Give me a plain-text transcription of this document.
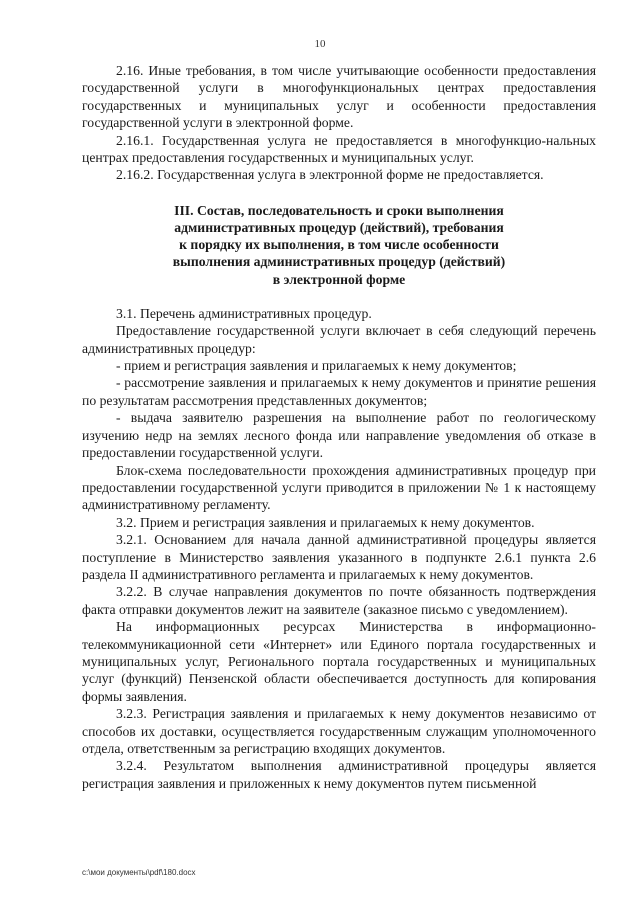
10

2.16. Иные требования, в том числе учитывающие особенности предоставления государственной услуги в многофункциональных центрах предоставления государственных и муниципальных услуг и особенности предоставления государственной услуги в электронной форме.

2.16.1. Государственная услуга не предоставляется в многофункцио-нальных центрах предоставления государственных и муниципальных услуг.

2.16.2. Государственная услуга в электронной форме не предоставляется.

III. Состав, последовательность и сроки выполнения
административных процедур (действий), требования
к порядку их выполнения, в том числе особенности
выполнения административных процедур (действий)
в электронной форме

3.1. Перечень административных процедур.

Предоставление государственной услуги включает в себя следующий перечень административных процедур:

- прием и регистрация заявления и прилагаемых к нему документов;

- рассмотрение заявления и прилагаемых к нему документов и принятие решения по результатам рассмотрения представленных документов;

- выдача заявителю разрешения на выполнение работ по геологическому изучению недр на землях лесного фонда или направление уведомления об отказе в предоставлении государственной услуги.

Блок-схема последовательности прохождения административных процедур при предоставлении государственной услуги приводится в приложении № 1 к настоящему административному регламенту.

3.2. Прием и регистрация заявления и прилагаемых к нему документов.

3.2.1. Основанием для начала данной административной процедуры является поступление в Министерство заявления указанного в подпункте 2.6.1 пункта 2.6 раздела II административного регламента и прилагаемых к нему документов.

3.2.2. В случае направления документов по почте обязанность подтверждения факта отправки документов лежит на заявителе (заказное письмо с уведомлением).

На информационных ресурсах Министерства в информационно-телекоммуникационной сети «Интернет» или Единого портала государственных и муниципальных услуг, Регионального портала государственных и муниципальных услуг (функций) Пензенской области обеспечивается доступность для копирования формы заявления.

3.2.3. Регистрация заявления и прилагаемых к нему документов независимо от способов их доставки, осуществляется государственным служащим уполномоченного отдела, ответственным за регистрацию входящих документов.

3.2.4. Результатом выполнения административной процедуры является регистрация заявления и приложенных к нему документов путем письменной

c:\мои документы\pdf\180.docx
